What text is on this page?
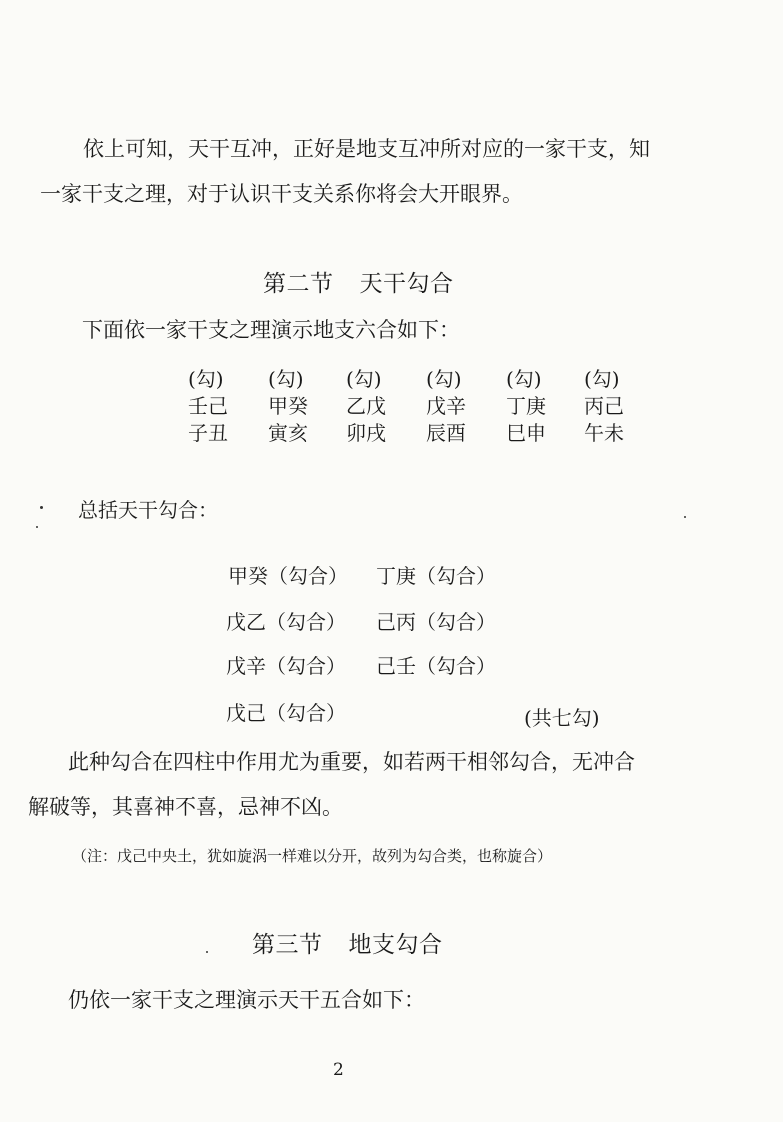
依上可知，天干互冲，正好是地支互冲所对应的一家干支，知
一家干支之理，对于认识干支关系你将会大开眼界。
第二节 天干勾合
下面依一家干支之理演示地支六合如下：
(勾)
壬己
子丑
(勾)
甲癸
寅亥
(勾)
乙戊
卯戌
(勾)
戊辛
辰酉
(勾)
丁庚
巳申
(勾)
丙己
午未
总括天干勾合：
甲癸（勾合） 丁庚（勾合）
戊乙（勾合） 己丙（勾合）
戊辛（勾合） 己壬（勾合）
戊己（勾合）	(共七勾)
此种勾合在四柱中作用尤为重要，如若两干相邻勾合，无冲合
解破等，其喜神不喜，忌神不凶。
（注：戊己中央土，犹如旋涡一样难以分开，故列为勾合类，也称旋合）
第三节 地支勾合
仍依一家干支之理演示天干五合如下：
2
